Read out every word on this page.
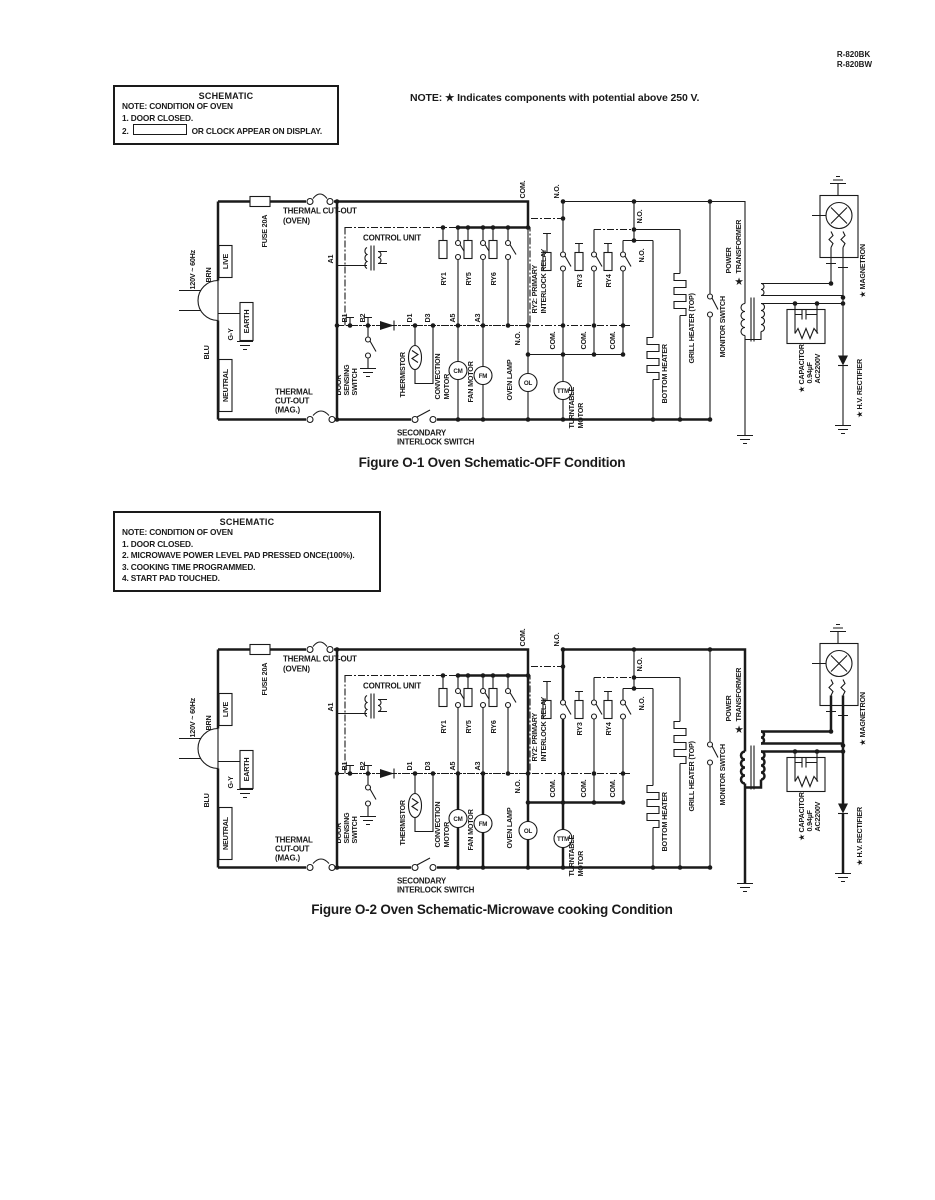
R-820BK
R-820BW
SCHEMATIC
NOTE: CONDITION OF OVEN
1. DOOR CLOSED.
2.	OR CLOCK APPEAR ON DISPLAY.
NOTE: ★ Indicates components with potential above 250 V.
120V ~ 60Hz BRN
BLU
G-Y
LIVE
EARTH
NEUTRAL
FUSE 20A
THERMAL CUT-OUT
(OVEN)
COM.
CONTROL UNIT
A1
RY1 RY5 RY6	RY2: PRIMARY INTERLOCK RELAY
N.O.
RY3	RY4
N.O.
N.O.
B1 B2	D1 D3 A5 A3
DOOR SENSING SWITCH	THERMISTOR	CM
CONVECTION MOTOR	FM
FAN MOTOR	OL
N.O.
OVEN LAMP	TTM
TURNTABLE MOTOR
COM.	COM.	COM.
BOTTOM HEATER
GRILL HEATER (TOP)	MONITOR SWITCH
THERMAL
CUT-OUT
(MAG.)
SECONDARY
INTERLOCK SWITCH
★
POWER TRANSFORMER	★ MAGNETRON
★ CAPACITOR 0.94µF AC2200V	★ H.V. RECTIFIER
Figure O-1 Oven Schematic-OFF Condition
SCHEMATIC
NOTE: CONDITION OF OVEN
1. DOOR CLOSED.
2. MICROWAVE POWER LEVEL PAD PRESSED ONCE(100%).
3. COOKING TIME PROGRAMMED.
4. START PAD TOUCHED.
120V ~ 60Hz BRN
BLU
G-Y
LIVE
EARTH
NEUTRAL
FUSE 20A
THERMAL CUT-OUT
(OVEN)
COM.
CONTROL UNIT
A1
RY1 RY5 RY6	RY2: PRIMARY INTERLOCK RELAY
N.O.
RY3	RY4
N.O.
N.O.
B1 B2	D1 D3 A5 A3
DOOR SENSING SWITCH	THERMISTOR	CM
CONVECTION MOTOR	FM
FAN MOTOR	OL
N.O.
OVEN LAMP	TTM
TURNTABLE MOTOR
COM.	COM.	COM.
BOTTOM HEATER
GRILL HEATER (TOP)	MONITOR SWITCH
THERMAL
CUT-OUT
(MAG.)
SECONDARY
INTERLOCK SWITCH
★
POWER TRANSFORMER	★ MAGNETRON
★ CAPACITOR 0.94µF AC2200V	★ H.V. RECTIFIER
Figure O-2 Oven Schematic-Microwave cooking Condition
